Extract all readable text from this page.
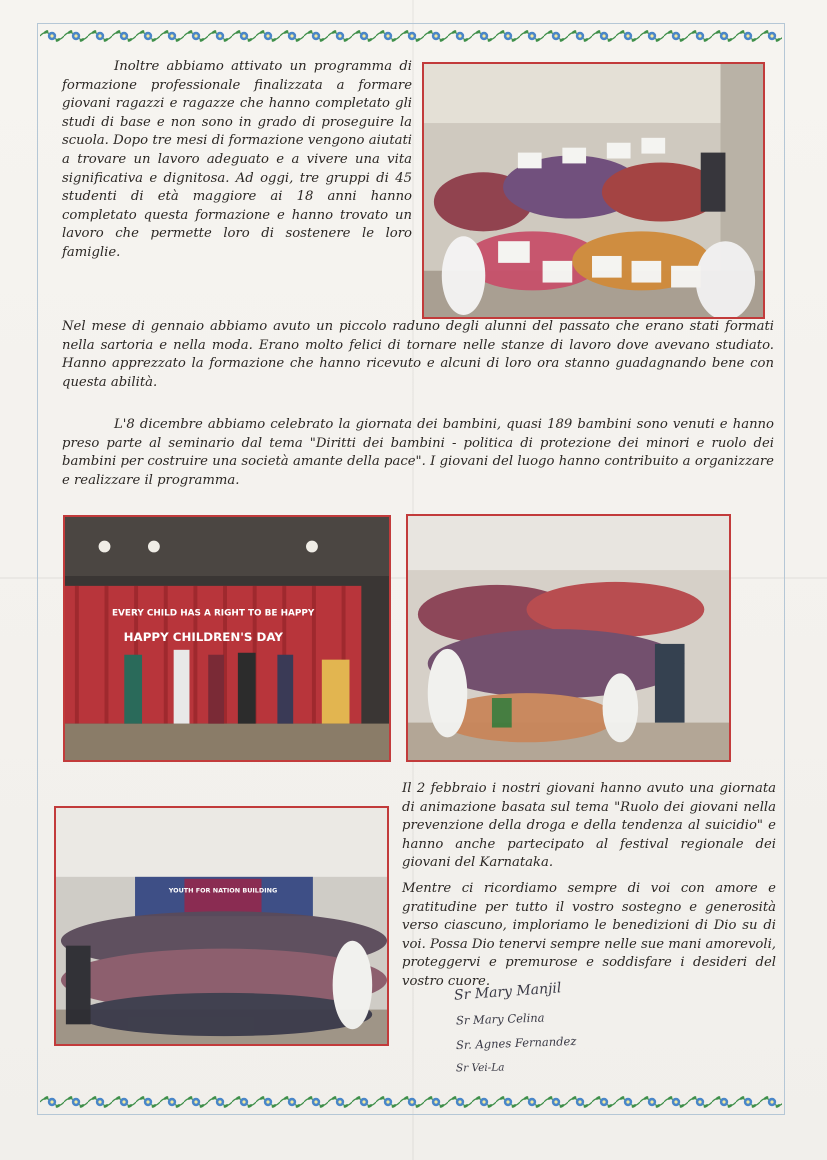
Inoltre abbiamo attivato un programma di formazione professionale finalizzata a formare giovani ragazzi e ragazze che hanno completato gli studi di base e non sono in grado di proseguire la scuola. Dopo tre mesi di formazione vengono aiutati a trovare un lavoro adeguato e a vivere una vita significativa e dignitosa. Ad oggi, tre gruppi di 45 studenti di età maggiore ai 18 anni hanno completato questa formazione e hanno trovato un lavoro che permette loro di sostenere le loro famiglie.

Nel mese di gennaio abbiamo avuto un piccolo raduno degli alunni del passato che erano stati formati nella sartoria e nella moda. Erano molto felici di tornare nelle stanze di lavoro dove avevano studiato. Hanno apprezzato la formazione che hanno ricevuto e alcuni di loro ora stanno guadagnando bene con questa abilità.

L'8 dicembre abbiamo celebrato la giornata dei bambini, quasi 189 bambini sono venuti e hanno preso parte al seminario dal tema "Diritti dei bambini - politica di protezione dei minori e ruolo dei bambini per costruire una società amante della pace". I giovani del luogo hanno contribuito a organizzare e realizzare il programma.

Il 2 febbraio i nostri giovani hanno avuto una giornata di animazione basata sul tema "Ruolo dei giovani nella prevenzione della droga e della tendenza al suicidio" e hanno anche partecipato al festival regionale dei giovani del Karnataka.

Mentre ci ricordiamo sempre di voi con amore e gratitudine per tutto il vostro sostegno e generosità verso ciascuno, imploriamo le benedizioni di Dio su di voi. Possa Dio tenervi sempre nelle sue mani amorevoli, proteggervi e premurose e soddisfare i desideri del vostro cuore.

EVERY CHILD HAS A RIGHT TO BE HAPPY
HAPPY CHILDREN'S DAY
YOUTH FOR NATION BUILDING
Sr Mary Manjil
Sr Mary Celina
Sr. Agnes Fernandez
Sr Vei-La
